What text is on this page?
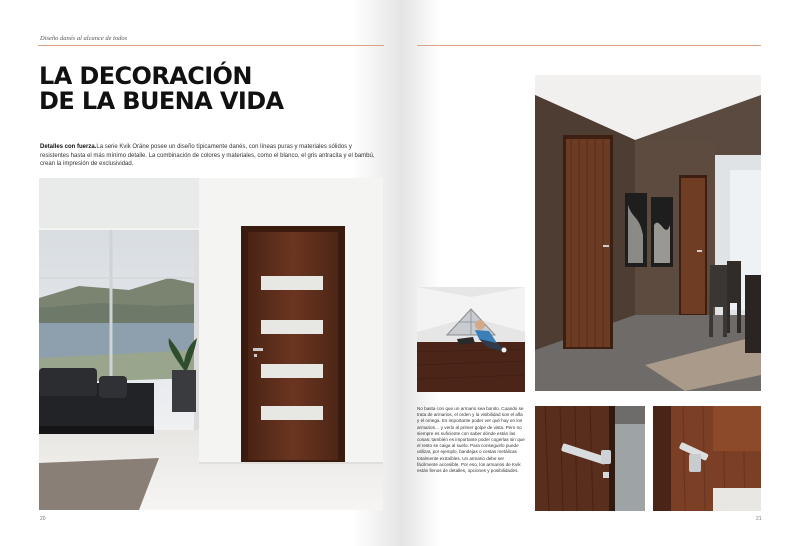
Diseño danés al alcance de todos
LA DECORACIÓN
DE LA BUENA VIDA

Detalles con fuerza.La serie Kvik Oräne posee un diseño típicamente danés, con líneas puras y materiales sólidos y resistentes hasta el más mínimo detalle. La combinación de colores y materiales, como el blanco, el gris antracita y el bambú, crean la impresión de exclusividad.

20

No basta con que un armario sea bonito. Cuando se trata de armarios, el orden y la visibilidad son el alfa y el omega. Es importante poder ver qué hay en los armarios… y verlo al primer golpe de vista. Pero no siempre es suficiente con saber dónde están las cosas; también es importante poder cogerlas sin que el resto se caiga al suelo. Para conseguirlo puede utilizar, por ejemplo, bandejas o cestas metálicas totalmente extraíbles. Un armario debe ser fácilmente accesible. Por eso, los armarios de Kvik están llenos de detalles, opciones y posibilidades.

21
